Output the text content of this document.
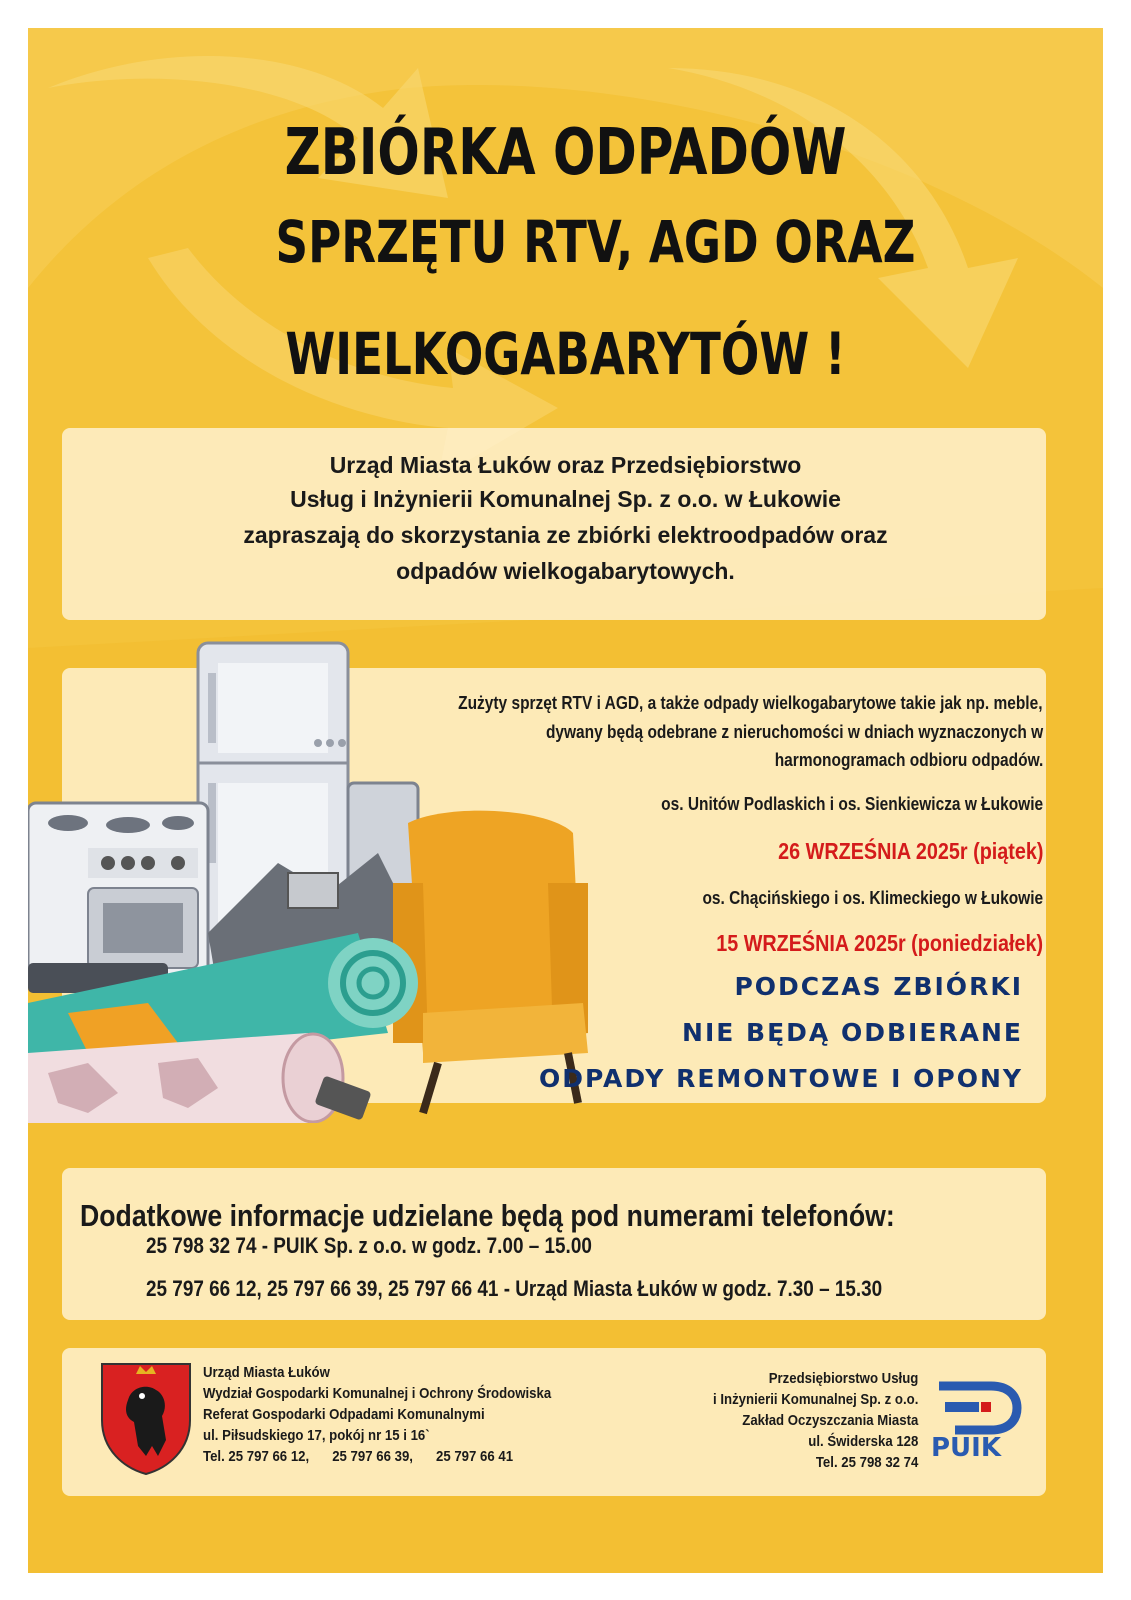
ZBIÓRKA ODPADÓW
SPRZĘTU RTV, AGD ORAZ
WIELKOGABARYTÓW !
Urząd Miasta Łuków oraz Przedsiębiorstwo
Usług i Inżynierii Komunalnej Sp. z o.o. w Łukowie
zapraszają do skorzystania ze zbiórki elektroodpadów oraz
odpadów wielkogabarytowych.
Zużyty sprzęt RTV i AGD, a także odpady wielkogabarytowe takie jak np. meble,
dywany będą odebrane z nieruchomości w dniach wyznaczonych w
harmonogramach odbioru odpadów.
os. Unitów Podlaskich i os. Sienkiewicza w Łukowie
26 WRZEŚNIA 2025r (piątek)
os. Chącińskiego i os. Klimeckiego w Łukowie
15 WRZEŚNIA 2025r (poniedziałek)
PODCZAS ZBIÓRKI
NIE BĘDĄ ODBIERANE
ODPADY REMONTOWE I OPONY
Dodatkowe informacje udzielane będą pod numerami telefonów:
25 798 32 74 - PUIK Sp. z o.o. w godz. 7.00 – 15.00
25 797 66 12, 25 797 66 39, 25 797 66 41 - Urząd Miasta Łuków w godz. 7.30 – 15.30
Urząd Miasta Łuków
Wydział Gospodarki Komunalnej i Ochrony Środowiska
Referat Gospodarki Odpadami Komunalnymi
ul. Piłsudskiego 17, pokój nr 15 i 16`
Tel. 25 797 66 12, 25 797 66 39, 25 797 66 41
Przedsiębiorstwo Usług
i Inżynierii Komunalnej Sp. z o.o.
Zakład Oczyszczania Miasta
ul. Świderska 128
Tel. 25 798 32 74 PUIK
